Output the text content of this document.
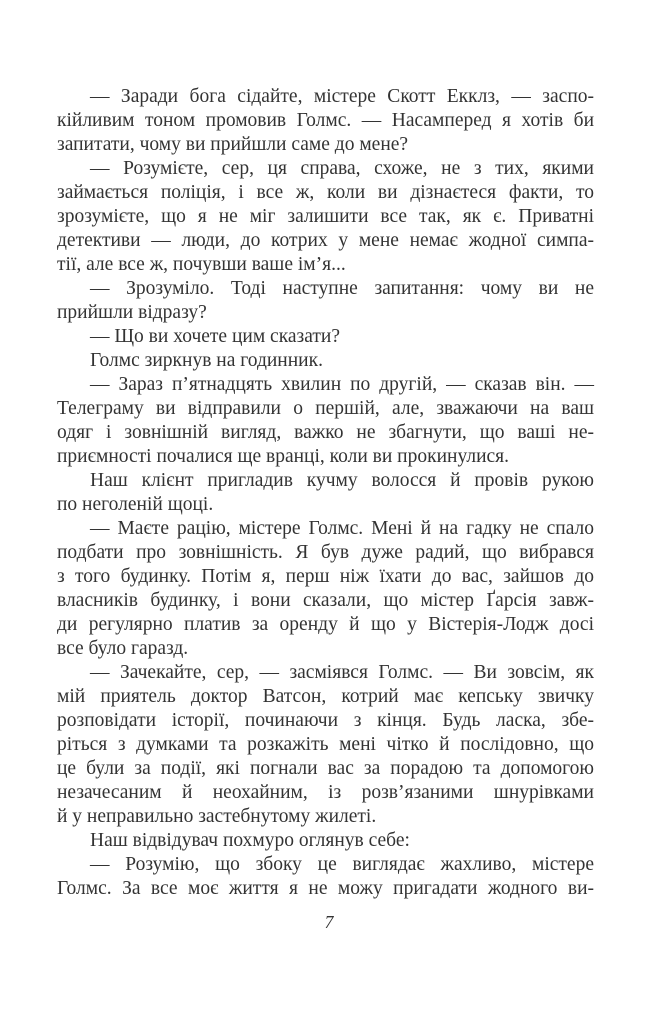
— Заради бога сідайте, містере Скотт Екклз, — заспо-
кійливим тоном промовив Голмс. — Насамперед я хотів би
запитати, чому ви прийшли саме до мене?
— Розумієте, сер, ця справа, схоже, не з тих, якими
займається поліція, і все ж, коли ви дізнаєтеся факти, то
зрозумієте, що я не міг залишити все так, як є. Приватні
детективи — люди, до котрих у мене немає жодної симпа-
тії, але все ж, почувши ваше ім’я...
— Зрозуміло. Тоді наступне запитання: чому ви не
прийшли відразу?
— Що ви хочете цим сказати?
Голмс зиркнув на годинник.
— Зараз п’ятнадцять хвилин по другій, — сказав він. —
Телеграму ви відправили о першій, але, зважаючи на ваш
одяг і зовнішній вигляд, важко не збагнути, що ваші не-
приємності почалися ще вранці, коли ви прокинулися.
Наш клієнт пригладив кучму волосся й провів рукою
по неголеній щоці.
— Маєте рацію, містере Голмс. Мені й на гадку не спало
подбати про зовнішність. Я був дуже радий, що вибрався
з того будинку. Потім я, перш ніж їхати до вас, зайшов до
власників будинку, і вони сказали, що містер Ґарсія завж-
ди регулярно платив за оренду й що у Вістерія-Лодж досі
все було гаразд.
— Зачекайте, сер, — засміявся Голмс. — Ви зовсім, як
мій приятель доктор Ватсон, котрий має кепську звичку
розповідати історії, починаючи з кінця. Будь ласка, збе-
ріться з думками та розкажіть мені чітко й послідовно, що
це були за події, які погнали вас за порадою та допомогою
незачесаним й неохайним, із розв’язаними шнурівками
й у неправильно застебнутому жилеті.
Наш відвідувач похмуро оглянув себе:
— Розумію, що збоку це виглядає жахливо, містере
Голмс. За все моє життя я не можу пригадати жодного ви-
7
